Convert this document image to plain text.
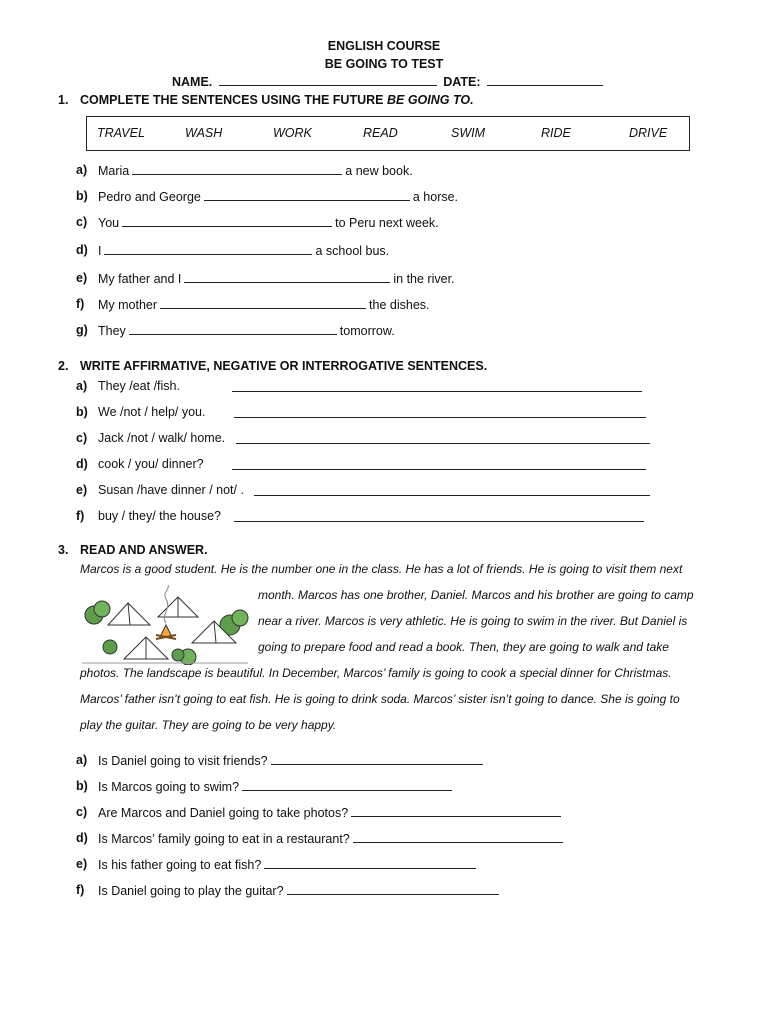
ENGLISH COURSE
BE GOING TO TEST
NAME.	DATE:
1. COMPLETE THE SENTENCES USING THE FUTURE BE GOING TO.
TRAVEL	WASH	WORK	READ	SWIM	RIDE	DRIVE
a) Maria	a new book.
b) Pedro and George	a horse.
c) You	to Peru next week.
d) I	a school bus.
e) My father and I	in the river.
f) My mother	the dishes.
g) They	tomorrow.
2. WRITE AFFIRMATIVE, NEGATIVE OR INTERROGATIVE SENTENCES.
a) They /eat /fish.
b) We /not / help/ you.
c) Jack /not / walk/ home.
d) cook / you/ dinner?
e) Susan /have dinner / not/ .
f) buy / they/ the house?
3. READ AND ANSWER.
Marcos is a good student. He is the number one in the class. He has a lot of friends. He is going to visit them next
month. Marcos has one brother, Daniel. Marcos and his brother are going to camp
near a river. Marcos is very athletic. He is going to swim in the river. But Daniel is
going to prepare food and read a book. Then, they are going to walk and take
photos. The landscape is beautiful. In December, Marcos’ family is going to cook a special dinner for Christmas.
Marcos’ father isn’t going to eat fish. He is going to drink soda. Marcos’ sister isn’t going to dance. She is going to
play the guitar. They are going to be very happy.
a) Is Daniel going to visit friends?
b) Is Marcos going to swim?
c) Are Marcos and Daniel going to take photos?
d) Is Marcos’ family going to eat in a restaurant?
e) Is his father going to eat fish?
f) Is Daniel going to play the guitar?
